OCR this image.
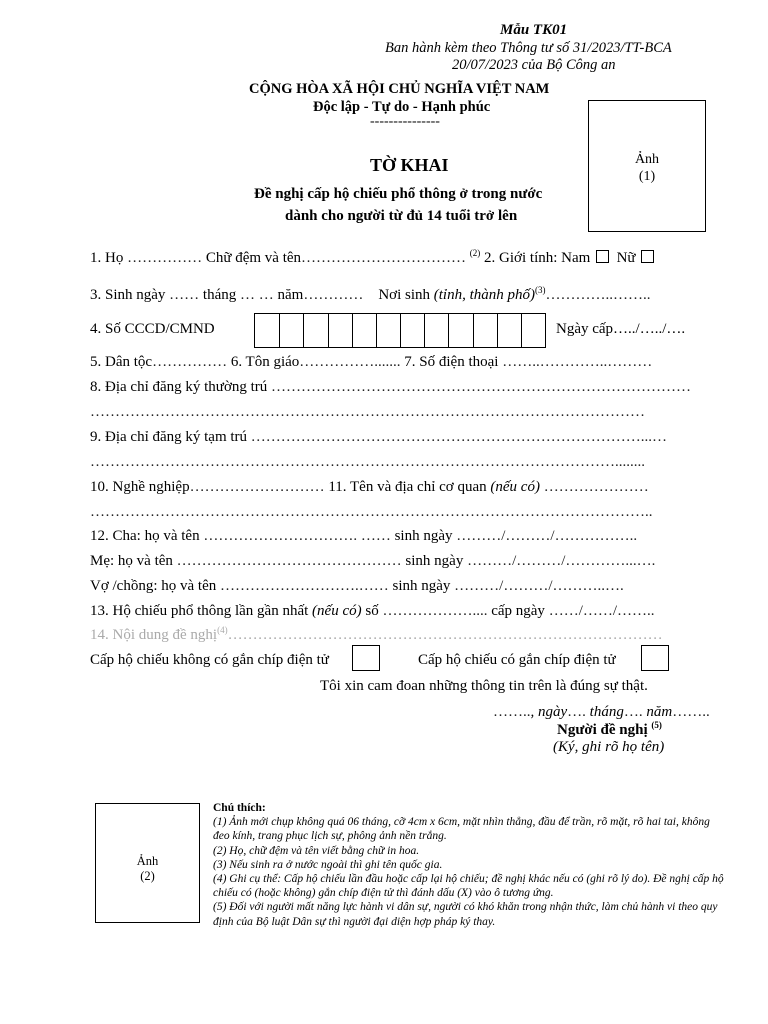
Mẫu TK01
Ban hành kèm theo Thông tư số 31/2023/TT-BCA
20/07/2023 của Bộ Công an
CỘNG HÒA XÃ HỘI CHỦ NGHĨA VIỆT NAM
Độc lập - Tự do - Hạnh phúc
---------------
Ảnh
(1)
TỜ KHAI
Đề nghị cấp hộ chiếu phổ thông ở trong nước
dành cho người từ đủ 14 tuổi trở lên
1. Họ …………… Chữ đệm và tên…………………………… $^{(2)}$ 2. Giới tính: Nam Nữ
3. Sinh ngày …… tháng … … năm………… Nơi sinh (tỉnh, thành phố)$^{(3)}$…………..……..
4. Số CCCD/CMND	Ngày cấp…../…../….
5. Dân tộc…………… 6. Tôn giáo……………....... 7. Số điện thoại ……..…………..………
8. Địa chỉ đăng ký thường trú …………………………………………………………………………
…………………………………………………………………………………………………
9. Địa chỉ đăng ký tạm trú ……………………………………………………………………...…
……………………………………………………………………………………………........
10. Nghề nghiệp……………………… 11. Tên và địa chỉ cơ quan (nếu có) …………………
…………………………………………………………………………………………………..
12. Cha: họ và tên …………………………. …… sinh ngày ………/………/……………..
Mẹ: họ và tên ……………………………………… sinh ngày ………/………/…………...….
Vợ /chồng: họ và tên ……………………….…… sinh ngày ………/………/………..….
13. Hộ chiếu phổ thông lần gần nhất (nếu có) số ……………….... cấp ngày ……/……/……..
14. Nội dung đề nghị$^{(4)}$……………………………………………………………………………
Cấp hộ chiếu không có gắn chíp điện tử	Cấp hộ chiếu có gắn chíp điện tử
Tôi xin cam đoan những thông tin trên là đúng sự thật.
…….., ngày…. tháng…. năm……..
Người đề nghị $^{(5)}$
(Ký, ghi rõ họ tên)
Ảnh
(2)

Chú thích:

(1) Ảnh mới chụp không quá 06 tháng, cỡ 4cm x 6cm, mặt nhìn thẳng, đầu để trần, rõ mặt, rõ hai tai, không đeo kính, trang phục lịch sự, phông ảnh nền trắng.

(2) Họ, chữ đệm và tên viết bằng chữ in hoa.

(3) Nếu sinh ra ở nước ngoài thì ghi tên quốc gia.

(4) Ghi cụ thể: Cấp hộ chiếu lần đầu hoặc cấp lại hộ chiếu; đề nghị khác nếu có (ghi rõ lý do). Đề nghị cấp hộ chiếu có (hoặc không) gắn chíp điện tử thì đánh dấu (X) vào ô tương ứng.

(5) Đối với người mất năng lực hành vi dân sự, người có khó khăn trong nhận thức, làm chủ hành vi theo quy định của Bộ luật Dân sự thì người đại diện hợp pháp ký thay.
